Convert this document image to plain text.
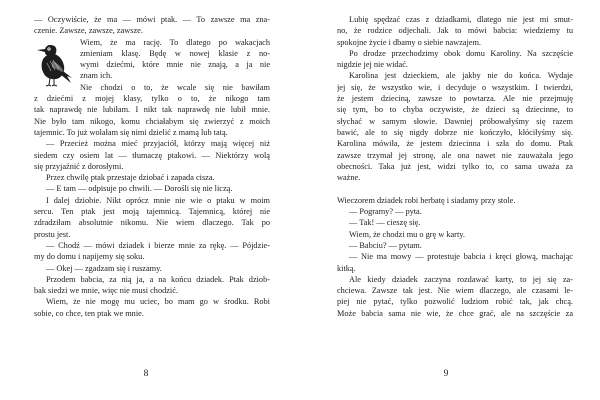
— Oczywiście, że ma — mówi ptak. — To zawsze ma zna-

czenie. Zawsze, zawsze, zawsze.

Wiem, że ma rację. To dlatego po wakacjach

zmieniam klasę. Będę w nowej klasie z no-

wymi dziećmi, które mnie nie znają, a ja nie

znam ich.

Nie chodzi o to, że wcale się nie bawiłam

z dziećmi z mojej klasy, tylko o to, że nikogo tam

tak naprawdę nie lubiłam. I nikt tak naprawdę nie lubił mnie.

Nie było tam nikogo, komu chciałabym się zwierzyć z moich

tajemnic. To już wolałam się nimi dzielić z mamą lub tatą.

— Przecież można mieć przyjaciół, którzy mają więcej niż

siedem czy osiem lat — tłumaczę ptakowi. — Niektórzy wolą

się przyjaźnić z dorosłymi.

Przez chwilę ptak przestaje dziobać i zapada cisza.

— E tam — odpisuje po chwili. — Dorośli się nie liczą.

I dalej dziobie. Nikt oprócz mnie nie wie o ptaku w moim

sercu. Ten ptak jest moją tajemnicą. Tajemnicą, której nie

zdradziłam absolutnie nikomu. Nie wiem dlaczego. Tak po

prostu jest.

— Chodź — mówi dziadek i bierze mnie za rękę. — Pójdzie-

my do domu i napijemy się soku.

— Okej — zgadzam się i ruszamy.

Przodem babcia, za nią ja, a na końcu dziadek. Ptak dziob-

bak siedzi we mnie, więc nie musi chodzić.

Wiem, że nie mogę mu uciec, bo mam go w środku. Robi

sobie, co chce, ten ptak we mnie.

8

Lubię spędzać czas z dziadkami, dlatego nie jest mi smut-

no, że rodzice odjechali. Jak to mówi babcia: wiedziemy tu

spokojne życie i dbamy o siebie nawzajem.

Po drodze przechodzimy obok domu Karoliny. Na szczęście

nigdzie jej nie widać.

Karolina jest dzieckiem, ale jakby nie do końca. Wydaje

jej się, że wszystko wie, i decyduje o wszystkim. I twierdzi,

że jestem dzieciną, zawsze to powtarza. Ale nie przejmuję

się tym, bo to chyba oczywiste, że dzieci są dziecinne, to

słychać w samym słowie. Dawniej próbowałyśmy się razem

bawić, ale to się nigdy dobrze nie kończyło, kłóciłyśmy się.

Karolina mówiła, że jestem dziecinna i szła do domu. Ptak

zawsze trzymał jej stronę, ale ona nawet nie zauważała jego

obecności. Taka już jest, widzi tylko to, co sama uważa za

ważne.

Wieczorem dziadek robi herbatę i siadamy przy stole.

— Pogramy? — pyta.

— Tak! — cieszę się.

Wiem, że chodzi mu o grę w karty.

— Babciu? — pytam.

— Nie ma mowy — protestuje babcia i kręci głową, machając

kitką.

Ale kiedy dziadek zaczyna rozdawać karty, to jej się za-

chciewa. Zawsze tak jest. Nie wiem dlaczego, ale czasami le-

piej nie pytać, tylko pozwolić ludziom robić tak, jak chcą.

Może babcia sama nie wie, że chce grać, ale na szczęście za

9
